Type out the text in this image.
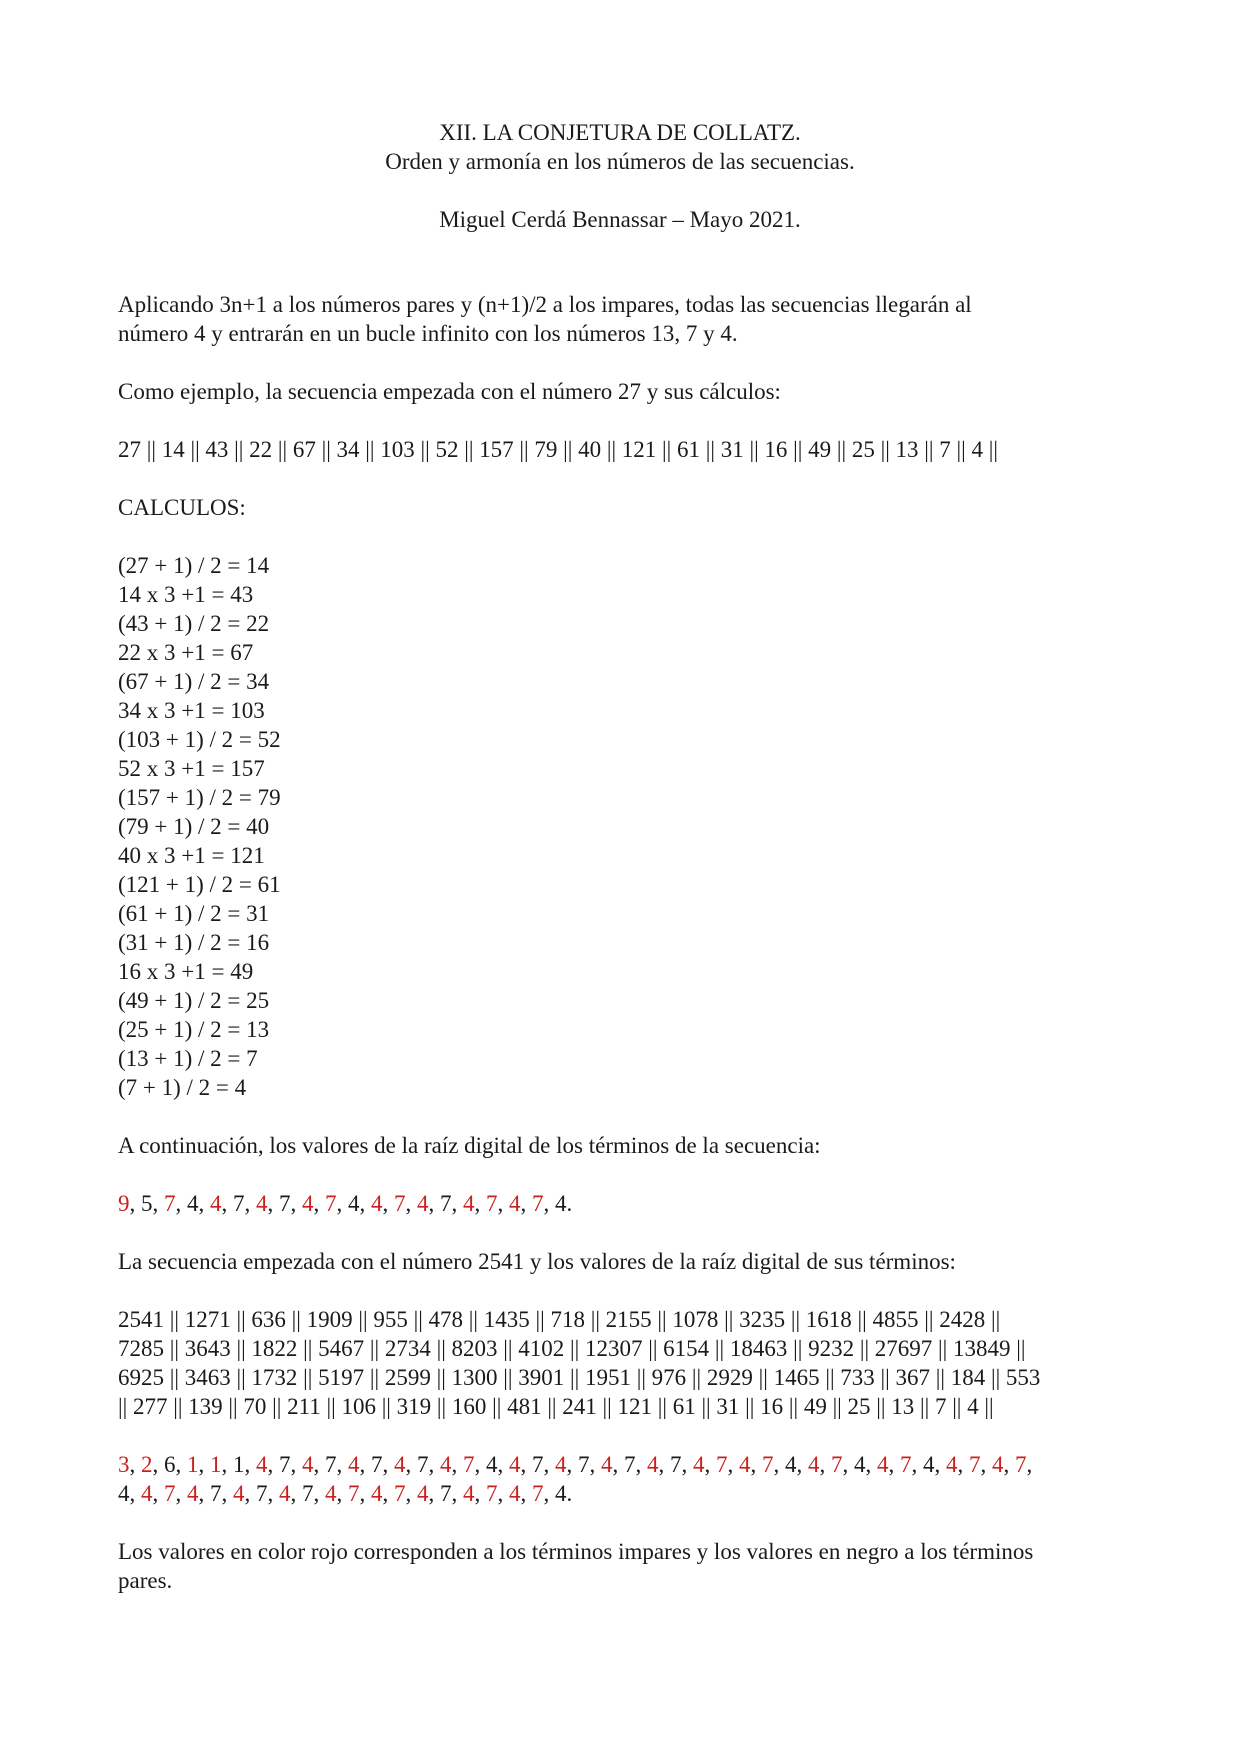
XII. LA CONJETURA DE COLLATZ.
Orden y armonía en los números de las secuencias.
Miguel Cerdá Bennassar – Mayo 2021.

Aplicando 3n+1 a los números pares y (n+1)/2 a los impares, todas las secuencias llegarán al

número 4 y entrarán en un bucle infinito con los números 13, 7 y 4.

Como ejemplo, la secuencia empezada con el número 27 y sus cálculos:

27 || 14 || 43 || 22 || 67 || 34 || 103 || 52 || 157 || 79 || 40 || 121 || 61 || 31 || 16 || 49 || 25 || 13 || 7 || 4 ||

CALCULOS:

(27 + 1) / 2 = 14

14 x 3 +1 = 43

(43 + 1) / 2 = 22

22 x 3 +1 = 67

(67 + 1) / 2 = 34

34 x 3 +1 = 103

(103 + 1) / 2 = 52

52 x 3 +1 = 157

(157 + 1) / 2 = 79

(79 + 1) / 2 = 40

40 x 3 +1 = 121

(121 + 1) / 2 = 61

(61 + 1) / 2 = 31

(31 + 1) / 2 = 16

16 x 3 +1 = 49

(49 + 1) / 2 = 25

(25 + 1) / 2 = 13

(13 + 1) / 2 = 7

(7 + 1) / 2 = 4

A continuación, los valores de la raíz digital de los términos de la secuencia:

9, 5, 7, 4, 4, 7, 4, 7, 4, 7, 4, 4, 7, 4, 7, 4, 7, 4, 7, 4.

La secuencia empezada con el número 2541 y los valores de la raíz digital de sus términos:

2541 || 1271 || 636 || 1909 || 955 || 478 || 1435 || 718 || 2155 || 1078 || 3235 || 1618 || 4855 || 2428 ||

7285 || 3643 || 1822 || 5467 || 2734 || 8203 || 4102 || 12307 || 6154 || 18463 || 9232 || 27697 || 13849 ||

6925 || 3463 || 1732 || 5197 || 2599 || 1300 || 3901 || 1951 || 976 || 2929 || 1465 || 733 || 367 || 184 || 553

|| 277 || 139 || 70 || 211 || 106 || 319 || 160 || 481 || 241 || 121 || 61 || 31 || 16 || 49 || 25 || 13 || 7 || 4 ||

3, 2, 6, 1, 1, 1, 4, 7, 4, 7, 4, 7, 4, 7, 4, 7, 4, 4, 7, 4, 7, 4, 7, 4, 7, 4, 7, 4, 7, 4, 4, 7, 4, 4, 7, 4, 4, 7, 4, 7,

4, 4, 7, 4, 7, 4, 7, 4, 7, 4, 7, 4, 7, 4, 7, 4, 7, 4, 7, 4.

Los valores en color rojo corresponden a los términos impares y los valores en negro a los términos

pares.
